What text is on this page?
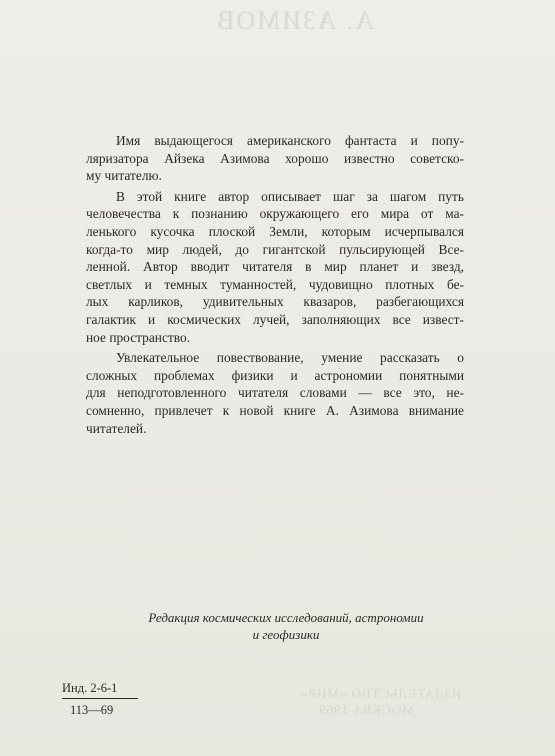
А. АЗИМОВ
ИЗДАТЕЛЬСТВО «МИР»
МОСКВА 1969

Имя выдающегося американского фантаста и попу-
ляризатора Айзека Азимова хорошо известно советско-
му читателю.

В этой книге автор описывает шаг за шагом путь
человечества к познанию окружающего его мира от ма-
ленького кусочка плоской Земли, которым исчерпывался
когда-то мир людей, до гигантской пульсирующей Все-
ленной. Автор вводит читателя в мир планет и звезд,
светлых и темных туманностей, чудовищно плотных бе-
лых карликов, удивительных квазаров, разбегающихся
галактик и космических лучей, заполняющих все извест-
ное пространство.

Увлекательное повествование, умение рассказать о
сложных проблемах физики и астрономии понятными
для неподготовленного читателя словами — все это, не-
сомненно, привлечет к новой книге А. Азимова внимание
читателей.

Редакция космических исследований, астрономии
и геофизики
Инд. 2-6-1
113—69
